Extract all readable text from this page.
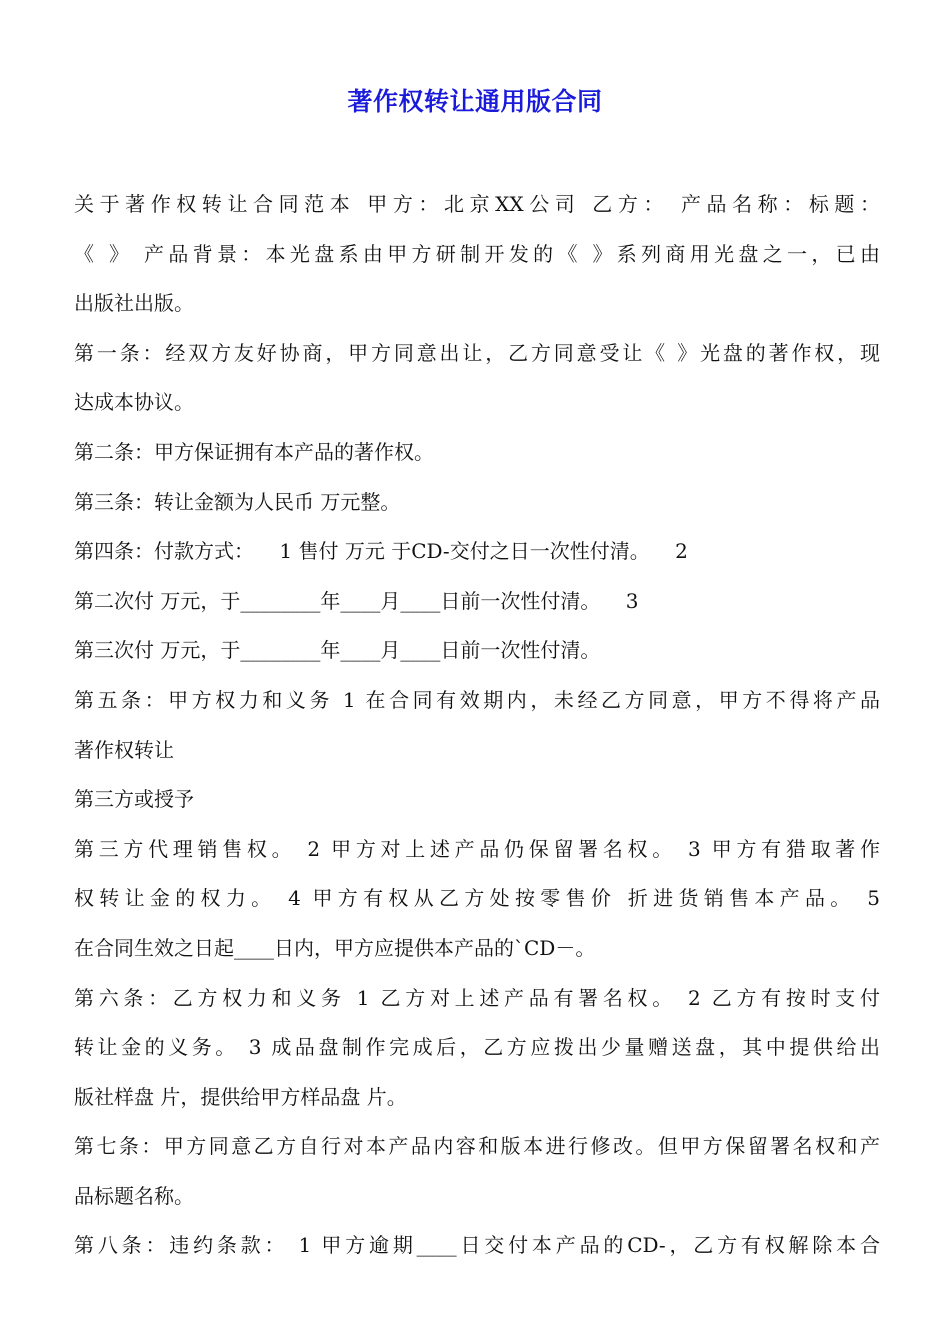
著作权转让通用版合同
关于著作权转让合同范本 甲方：北京XX公司 乙方： 产品名称：标题：
《 》 产品背景：本光盘系由甲方研制开发的《 》系列商用光盘之一，已由
出版社出版。
第一条：经双方友好协商，甲方同意出让，乙方同意受让《 》光盘的著作权，现
达成本协议。
第二条：甲方保证拥有本产品的著作权。
第三条：转让金额为人民币 万元整。
第四条：付款方式：    1 售付 万元 于CD-交付之日一次性付清。    2
第二次付 万元，于________年____月____日前一次性付清。    3
第三次付 万元，于________年____月____日前一次性付清。
第五条：甲方权力和义务 1 在合同有效期内，未经乙方同意，甲方不得将产品
著作权转让
第三方或授予
第三方代理销售权。 2 甲方对上述产品仍保留署名权。 3 甲方有猎取著作
权转让金的权力。 4 甲方有权从乙方处按零售价 折进货销售本产品。 5
在合同生效之日起____日内，甲方应提供本产品的`CD－。
第六条：乙方权力和义务 1 乙方对上述产品有署名权。 2 乙方有按时支付
转让金的义务。 3 成品盘制作完成后，乙方应拨出少量赠送盘，其中提供给出
版社样盘 片，提供给甲方样品盘 片。
第七条：甲方同意乙方自行对本产品内容和版本进行修改。但甲方保留署名权和产
品标题名称。
第八条：违约条款： 1 甲方逾期____日交付本产品的CD-，乙方有权解除本合
